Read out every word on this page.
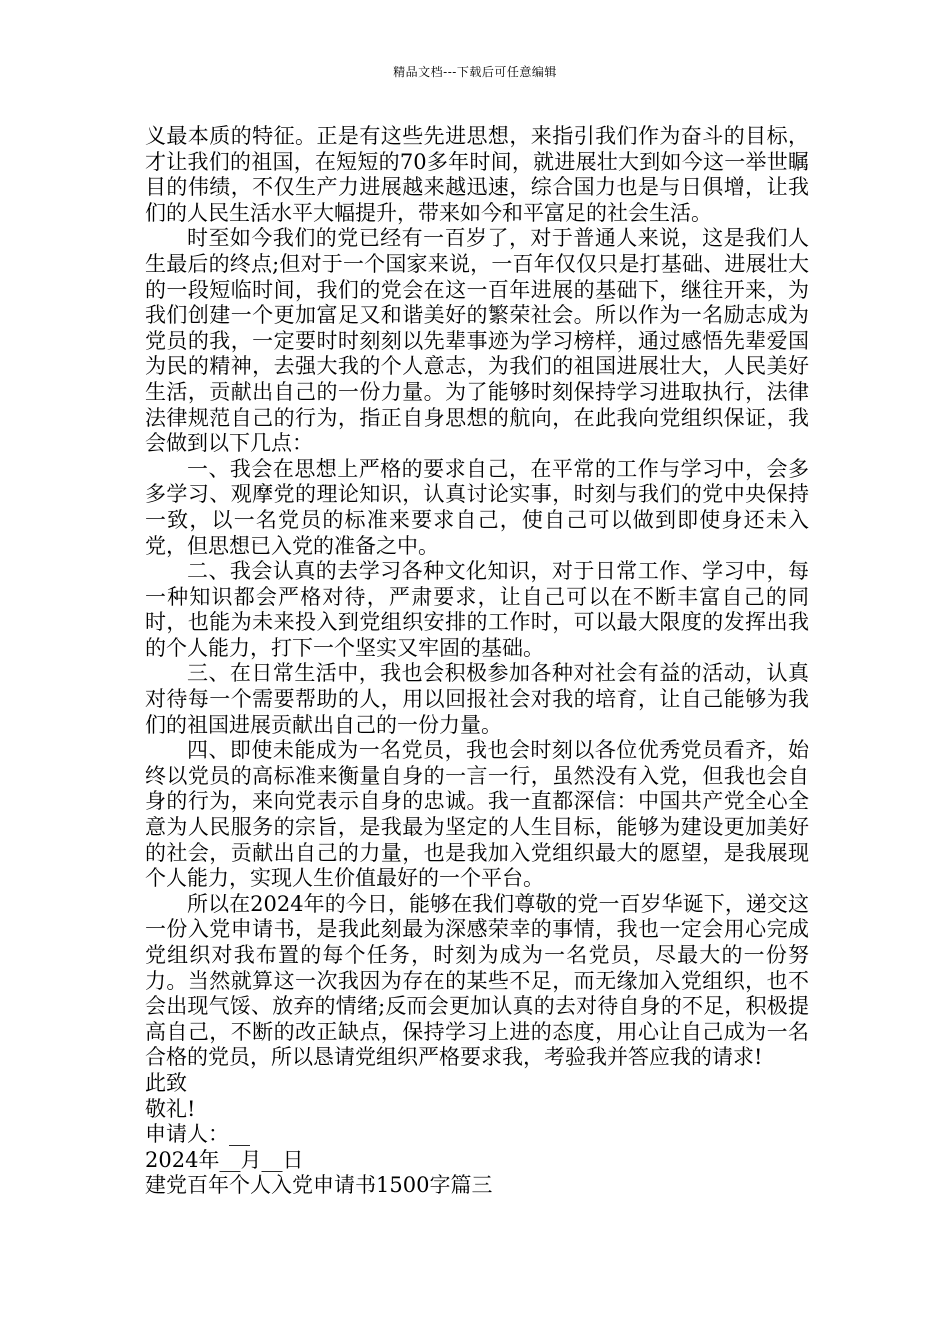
精品文档---下载后可任意编辑

义最本质的特征。正是有这些先进思想，来指引我们作为奋斗的目标，才让我们的祖国，在短短的70多年时间，就进展壮大到如今这一举世瞩目的伟绩，不仅生产力进展越来越迅速，综合国力也是与日俱增，让我们的人民生活水平大幅提升，带来如今和平富足的社会生活。

时至如今我们的党已经有一百岁了，对于普通人来说，这是我们人生最后的终点;但对于一个国家来说，一百年仅仅只是打基础、进展壮大的一段短临时间，我们的党会在这一百年进展的基础下，继往开来，为我们创建一个更加富足又和谐美好的繁荣社会。所以作为一名励志成为党员的我，一定要时时刻刻以先辈事迹为学习榜样，通过感悟先辈爱国为民的精神，去强大我的个人意志，为我们的祖国进展壮大，人民美好生活，贡献出自己的一份力量。为了能够时刻保持学习进取执行，法律法律规范自己的行为，指正自身思想的航向，在此我向党组织保证，我会做到以下几点：

一、我会在思想上严格的要求自己，在平常的工作与学习中，会多多学习、观摩党的理论知识，认真讨论实事，时刻与我们的党中央保持一致，以一名党员的标准来要求自己，使自己可以做到即使身还未入党，但思想已入党的准备之中。

二、我会认真的去学习各种文化知识，对于日常工作、学习中，每一种知识都会严格对待，严肃要求，让自己可以在不断丰富自己的同时，也能为未来投入到党组织安排的工作时，可以最大限度的发挥出我的个人能力，打下一个坚实又牢固的基础。

三、在日常生活中，我也会积极参加各种对社会有益的活动，认真对待每一个需要帮助的人，用以回报社会对我的培育，让自己能够为我们的祖国进展贡献出自己的一份力量。

四、即使未能成为一名党员，我也会时刻以各位优秀党员看齐，始终以党员的高标准来衡量自身的一言一行，虽然没有入党，但我也会自身的行为，来向党表示自身的忠诚。我一直都深信：中国共产党全心全意为人民服务的宗旨，是我最为坚定的人生目标，能够为建设更加美好的社会，贡献出自己的力量，也是我加入党组织最大的愿望，是我展现个人能力，实现人生价值最好的一个平台。

所以在2024年的今日，能够在我们尊敬的党一百岁华诞下，递交这一份入党申请书，是我此刻最为深感荣幸的事情，我也一定会用心完成党组织对我布置的每个任务，时刻为成为一名党员，尽最大的一份努力。当然就算这一次我因为存在的某些不足，而无缘加入党组织，也不会出现气馁、放弃的情绪;反而会更加认真的去对待自身的不足，积极提高自己，不断的改正缺点，保持学习上进的态度，用心让自己成为一名合格的党员，所以恳请党组织严格要求我，考验我并答应我的请求!

此致

敬礼!

申请人：__

2024年__月__日

建党百年个人入党申请书1500字篇三
